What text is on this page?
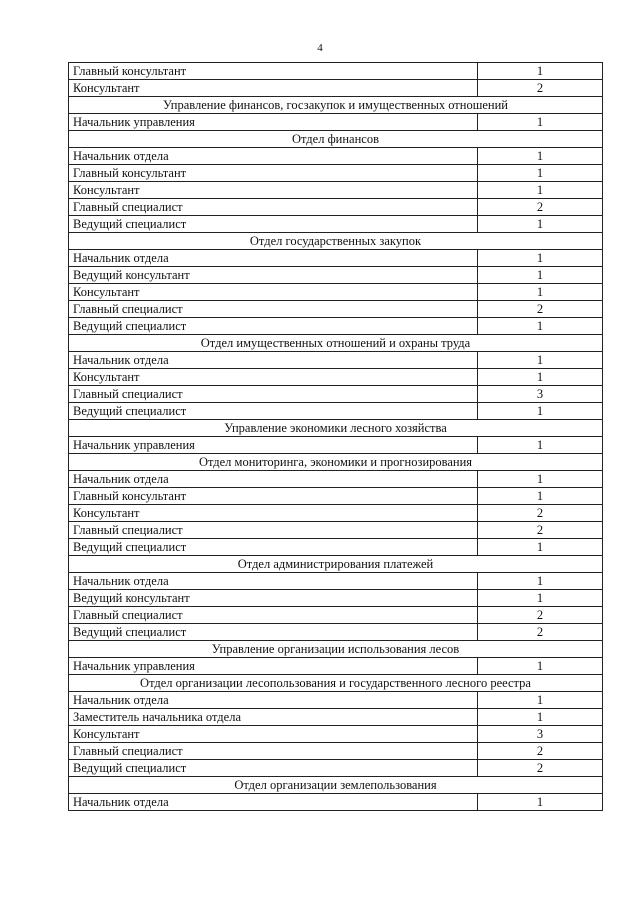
4
Главный консультант	1
Консультант	2
Управление финансов, госзакупок и имущественных отношений	
Начальник управления	1
Отдел финансов	
Начальник отдела	1
Главный консультант	1
Консультант	1
Главный специалист	2
Ведущий специалист	1
Отдел государственных закупок	
Начальник отдела	1
Ведущий консультант	1
Консультант	1
Главный специалист	2
Ведущий специалист	1
Отдел имущественных отношений и охраны труда	
Начальник отдела	1
Консультант	1
Главный специалист	3
Ведущий специалист	1
Управление экономики лесного хозяйства	
Начальник управления	1
Отдел мониторинга, экономики и прогнозирования	
Начальник отдела	1
Главный консультант	1
Консультант	2
Главный специалист	2
Ведущий специалист	1
Отдел администрирования платежей	
Начальник отдела	1
Ведущий консультант	1
Главный специалист	2
Ведущий специалист	2
Управление организации использования лесов	
Начальник управления	1
Отдел организации лесопользования и государственного лесного реестра	
Начальник отдела	1
Заместитель начальника отдела	1
Консультант	3
Главный специалист	2
Ведущий специалист	2
Отдел организации землепользования	
Начальник отдела	1
